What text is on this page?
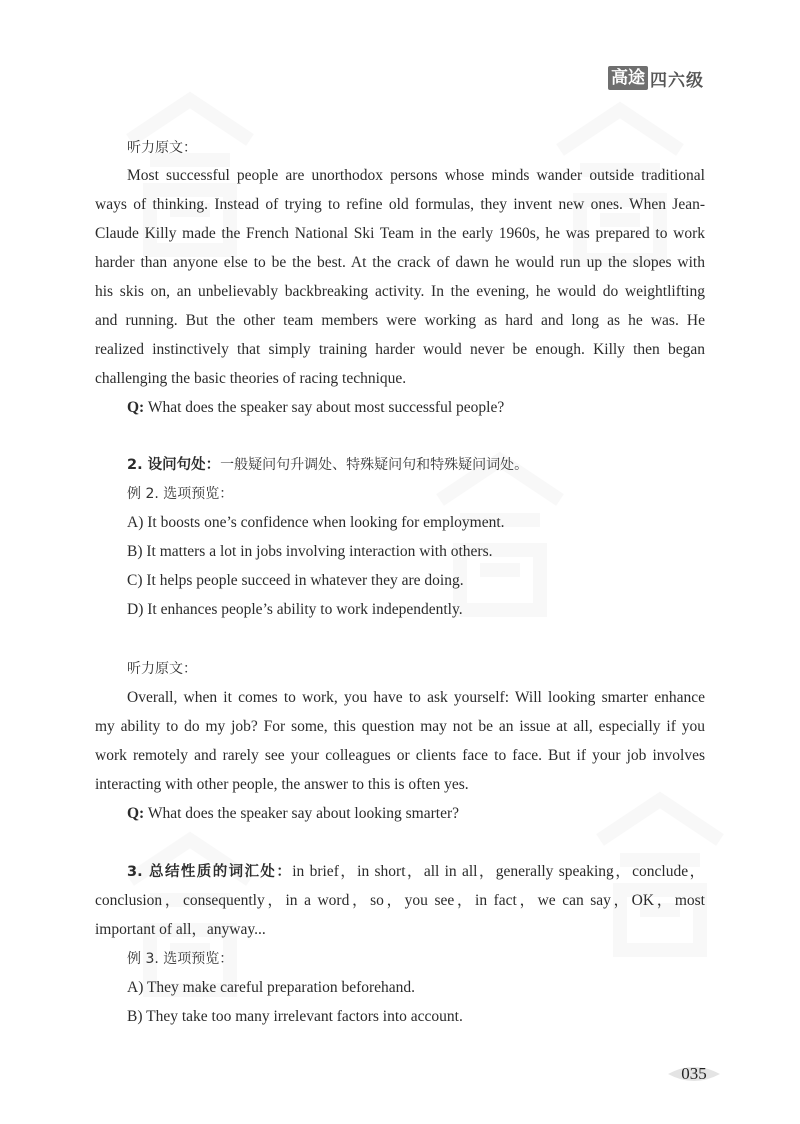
高途 四六级
听力原文：
Most successful people are unorthodox persons whose minds wander outside traditional
ways of thinking. Instead of trying to refine old formulas, they invent new ones. When Jean-
Claude Killy made the French National Ski Team in the early 1960s, he was prepared to work
harder than anyone else to be the best. At the crack of dawn he would run up the slopes with
his skis on, an unbelievably backbreaking activity. In the evening, he would do weightlifting
and running. But the other team members were working as hard and long as he was. He
realized instinctively that simply training harder would never be enough. Killy then began
challenging the basic theories of racing technique.
Q: What does the speaker say about most successful people?
2. 设问句处：一般疑问句升调处、特殊疑问句和特殊疑问词处。
例 2. 选项预览：
A) It boosts one’s confidence when looking for employment.
B) It matters a lot in jobs involving interaction with others.
C) It helps people succeed in whatever they are doing.
D) It enhances people’s ability to work independently.
听力原文：
Overall, when it comes to work, you have to ask yourself: Will looking smarter enhance
my ability to do my job? For some, this question may not be an issue at all, especially if you
work remotely and rarely see your colleagues or clients face to face. But if your job involves
interacting with other people, the answer to this is often yes.
Q: What does the speaker say about looking smarter?
3. 总结性质的词汇处：in brief，in short，all in all，generally speaking，conclude，
conclusion，consequently，in a word，so，you see，in fact，we can say，OK，most
important of all，anyway...
例 3. 选项预览：
A) They make careful preparation beforehand.
B) They take too many irrelevant factors into account.
035
